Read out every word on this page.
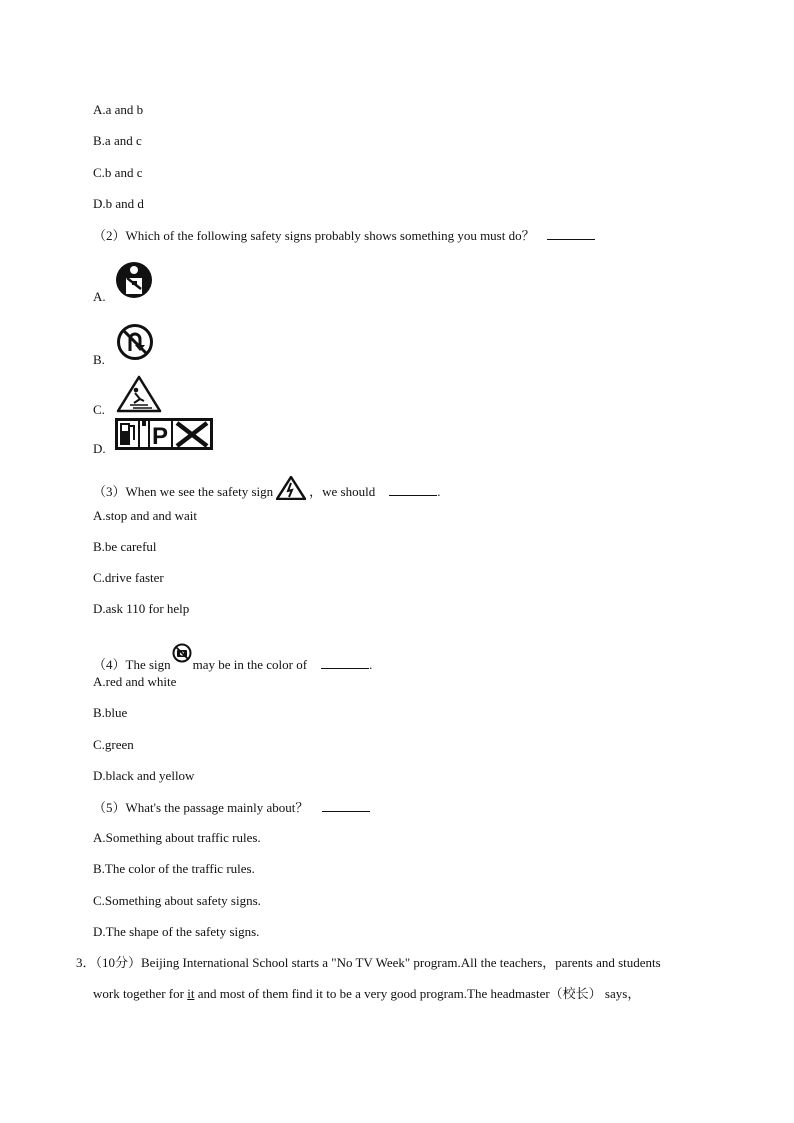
A.a and b
B.a and c
C.b and c
D.b and d
（2）Which of the following safety signs probably shows something you must do？
A.
B.
C.
D. P
（3）When we see the safety sign	，we should	.
A.stop and and wait
B.be careful
C.drive faster
D.ask 110 for help
（4）The sign may be in the color of	.
A.red and white
B.blue
C.green
D.black and yellow
（5）What's the passage mainly about？
A.Something about traffic rules.
B.The color of the traffic rules.
C.Something about safety signs.
D.The shape of the safety signs.
3．（10分）Beijing International School starts a "No TV Week" program.All the teachers，parents and students
work together for it and most of them find it to be a very good program.The headmaster（校长） says，
